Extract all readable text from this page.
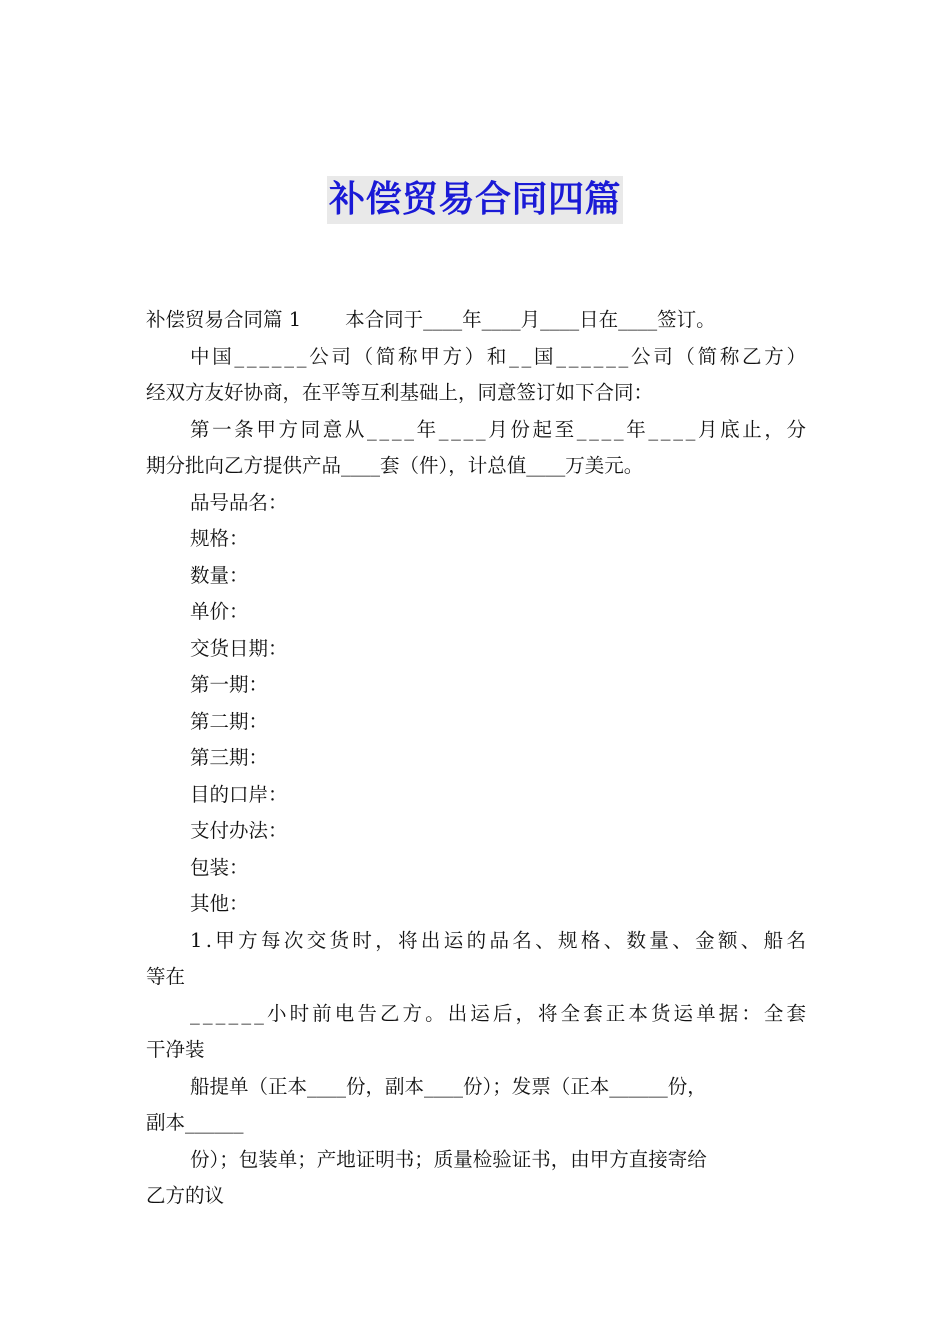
补偿贸易合同四篇
补偿贸易合同篇 1 本合同于____年____月____日在____签订。
中国______公司（简称甲方）和__国______公司（简称乙方）
经双方友好协商，在平等互利基础上，同意签订如下合同：
第一条甲方同意从____年____月份起至____年____月底止，分
期分批向乙方提供产品____套（件），计总值____万美元。
品号品名：
规格：
数量：
单价：
交货日期：
第一期：
第二期：
第三期：
目的口岸：
支付办法：
包装：
其他：
1.甲方每次交货时，将出运的品名、规格、数量、金额、船名
等在
______小时前电告乙方。出运后，将全套正本货运单据：全套
干净装
船提单（正本____份，副本____份）；发票（正本______份，
副本______
份）；包装单；产地证明书；质量检验证书，由甲方直接寄给
乙方的议
